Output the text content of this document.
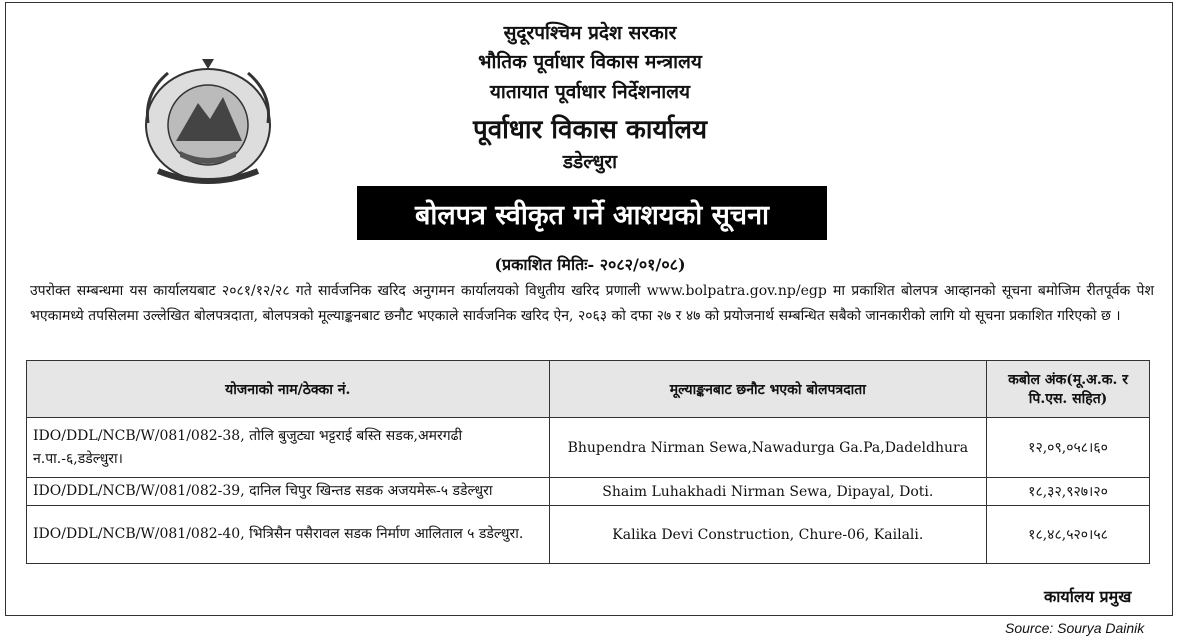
सुदूरपश्चिम प्रदेश सरकार
भौतिक पूर्वाधार विकास मन्त्रालय
यातायात पूर्वाधार निर्देशनालय
पूर्वाधार विकास कार्यालय
डडेल्धुरा
बोलपत्र स्वीकृत गर्ने आशयको सूचना
(प्रकाशित मितिः- २०८२/०१/०८)

उपरोक्त सम्बन्धमा यस कार्यालयबाट २०८१/१२/२८ गते सार्वजनिक खरिद अनुगमन कार्यालयको विधुतीय खरिद प्रणाली www.bolpatra.gov.np/egp मा प्रकाशित बोलपत्र आव्हानको सूचना बमोजिम रीतपूर्वक पेश भएकामध्ये तपसिलमा उल्लेखित बोलपत्रदाता, बोलपत्रको मूल्याङ्कनबाट छनौट भएकाले सार्वजनिक खरिद ऐन, २०६३ को दफा २७ र ४७ को प्रयोजनार्थ सम्बन्धित सबैको जानकारीको लागि यो सूचना प्रकाशित गरिएको छ ।

कार्यालय प्रमुख
योजनाको नाम/ठेक्का नं.	मूल्याङ्कनबाट छनौट भएको बोलपत्रदाता	कबोल अंक(मू.अ.क. र पि.एस. सहित)
IDO/DDL/NCB/W/081/082-38, तोलि बुजुट्या भट्टराई बस्ति सडक,अमरगढी न.पा.-६,डडेल्धुरा।	Bhupendra Nirman Sewa,Nawadurga Ga.Pa,Dadeldhura	१२,०९,०५८।६०
IDO/DDL/NCB/W/081/082-39, दानिल चिपुर खिन्तड सडक अजयमेरू-५ डडेल्धुरा	Shaim Luhakhadi Nirman Sewa, Dipayal, Doti.	१८,३२,९२७।२०
IDO/DDL/NCB/W/081/082-40, भित्रिसैन पसैरावल सडक निर्माण आलिताल ५ डडेल्धुरा.	Kalika Devi Construction, Chure-06, Kailali.	१८,४८,५२०।५८
Source: Sourya Dainik
